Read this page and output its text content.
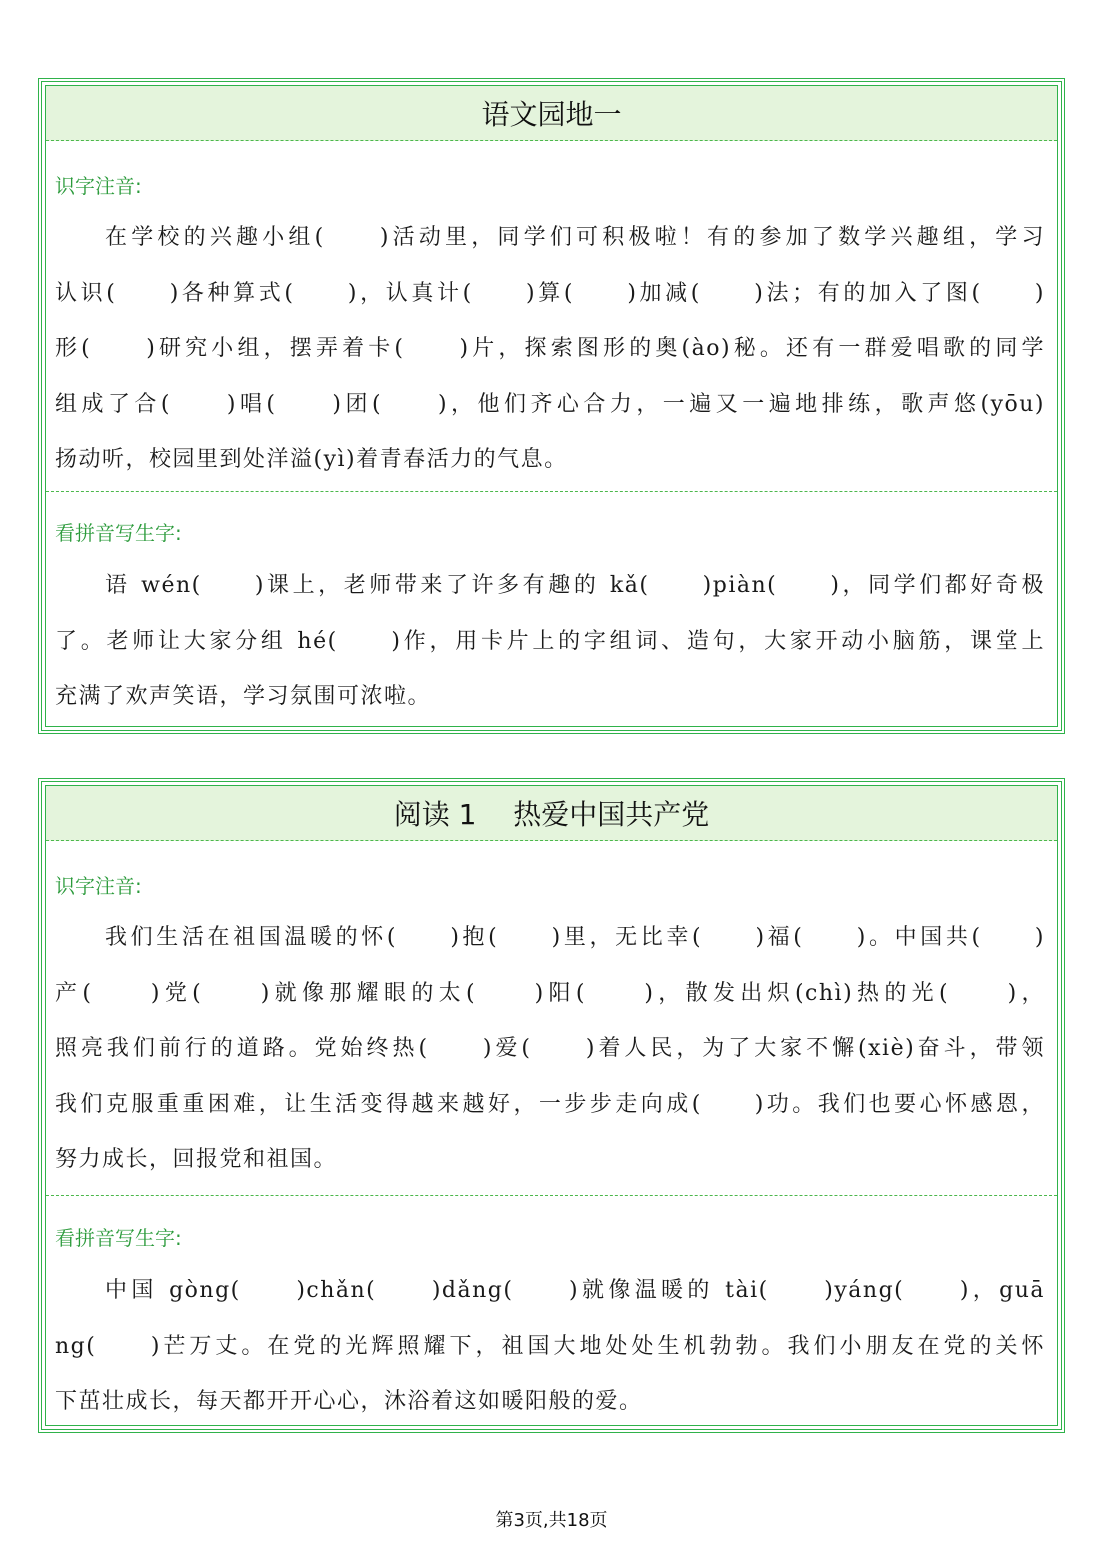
语文园地一
识字注音:
在学校的兴趣小组(　　)活动里，同学们可积极啦！有的参加了数学兴趣组，学习
认识(　　)各种算式(　　)，认真计(　　)算(　　)加减(　　)法；有的加入了图(　　)
形(　　)研究小组，摆弄着卡(　　)片，探索图形的奥(ào)秘。还有一群爱唱歌的同学
组成了合(　　)唱(　　)团(　　)，他们齐心合力，一遍又一遍地排练，歌声悠(yōu)
扬动听，校园里到处洋溢(yì)着青春活力的气息。
看拼音写生字:
语 wén(　　)课上，老师带来了许多有趣的 kǎ(　　)piàn(　　)，同学们都好奇极
了。老师让大家分组 hé(　　)作，用卡片上的字组词、造句，大家开动小脑筋，课堂上
充满了欢声笑语，学习氛围可浓啦。
阅读 1　 热爱中国共产党
识字注音:
我们生活在祖国温暖的怀(　　)抱(　　)里，无比幸(　　)福(　　)。中国共(　　)
产(　　)党(　　)就像那耀眼的太(　　)阳(　　)，散发出炽(chì)热的光(　　)，
照亮我们前行的道路。党始终热(　　)爱(　　)着人民，为了大家不懈(xiè)奋斗，带领
我们克服重重困难，让生活变得越来越好，一步步走向成(　　)功。我们也要心怀感恩，
努力成长，回报党和祖国。
看拼音写生字:
中国 gòng(　　)chǎn(　　)dǎng(　　)就像温暖的 tài(　　)yáng(　　)，guā
ng(　　)芒万丈。在党的光辉照耀下，祖国大地处处生机勃勃。我们小朋友在党的关怀
下茁壮成长，每天都开开心心，沐浴着这如暖阳般的爱。
第3页,共18页
